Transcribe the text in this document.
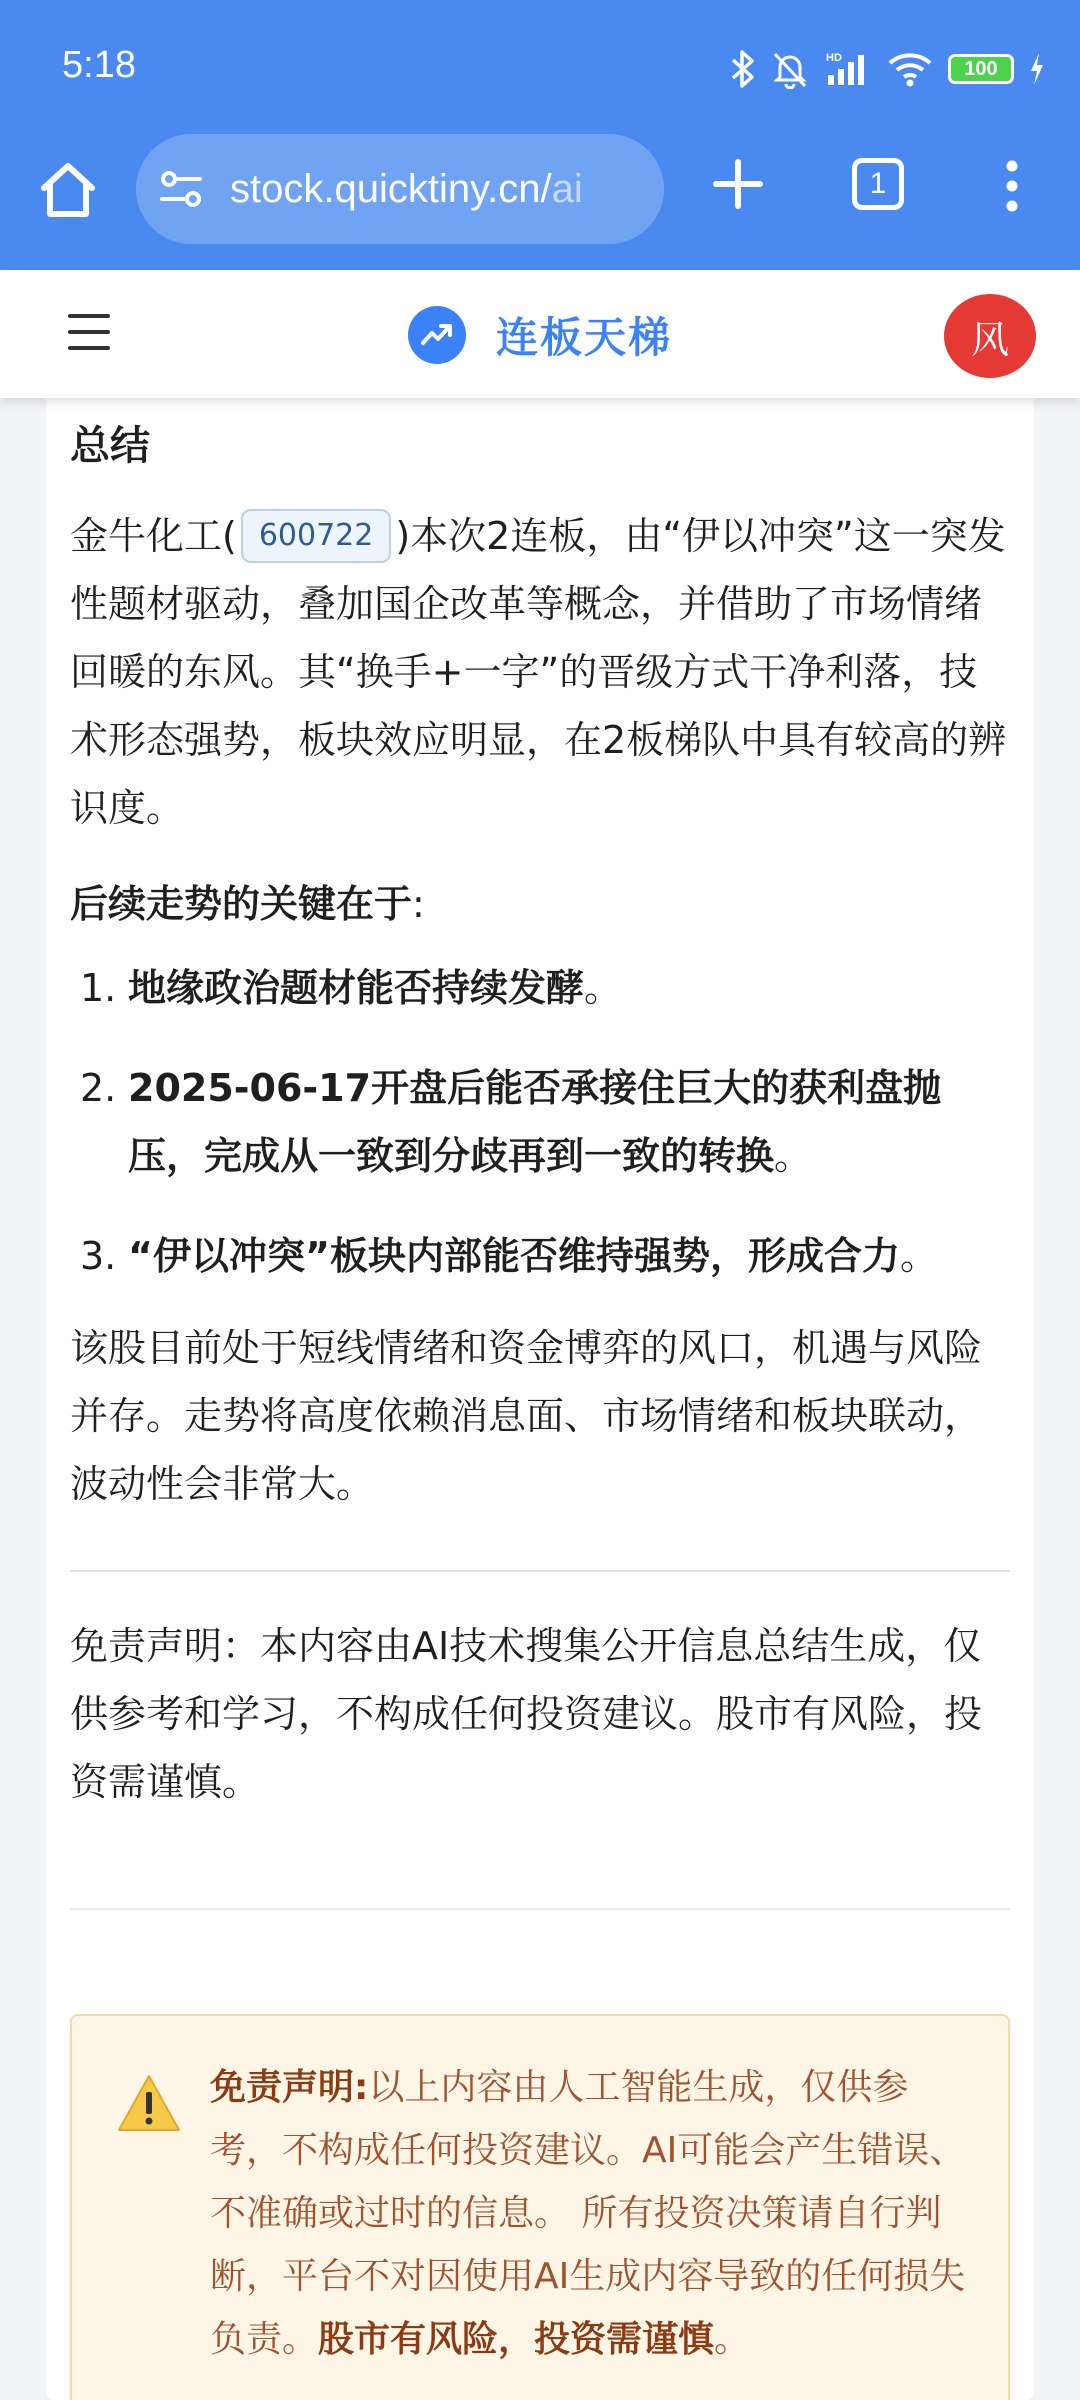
5:18	HD	100
stock.quicktiny.cn/ai	1
连板天梯	风
总结

金牛化工( 600722 )本次2连板，由“伊以冲突”这一突发性题材驱动，叠加国企改革等概念，并借助了市场情绪回暖的东风。其“换手+一字”的晋级方式干净利落，技术形态强势，板块效应明显，在2板梯队中具有较高的辨识度。

后续走势的关键在于:

1. 地缘政治题材能否持续发酵。
2. 2025-06-17开盘后能否承接住巨大的获利盘抛压，完成从一致到分歧再到一致的转换。
3. “伊以冲突”板块内部能否维持强势，形成合力。

该股目前处于短线情绪和资金博弈的风口，机遇与风险并存。走势将高度依赖消息面、市场情绪和板块联动，波动性会非常大。

免责声明：本内容由AI技术搜集公开信息总结生成，仅供参考和学习，不构成任何投资建议。股市有风险，投资需谨慎。

免责声明:以上内容由人工智能生成，仅供参考，不构成任何投资建议。AI可能会产生错误、不准确或过时的信息。 所有投资决策请自行判断，平台不对因使用AI生成内容导致的任何损失负责。股市有风险，投资需谨慎。
